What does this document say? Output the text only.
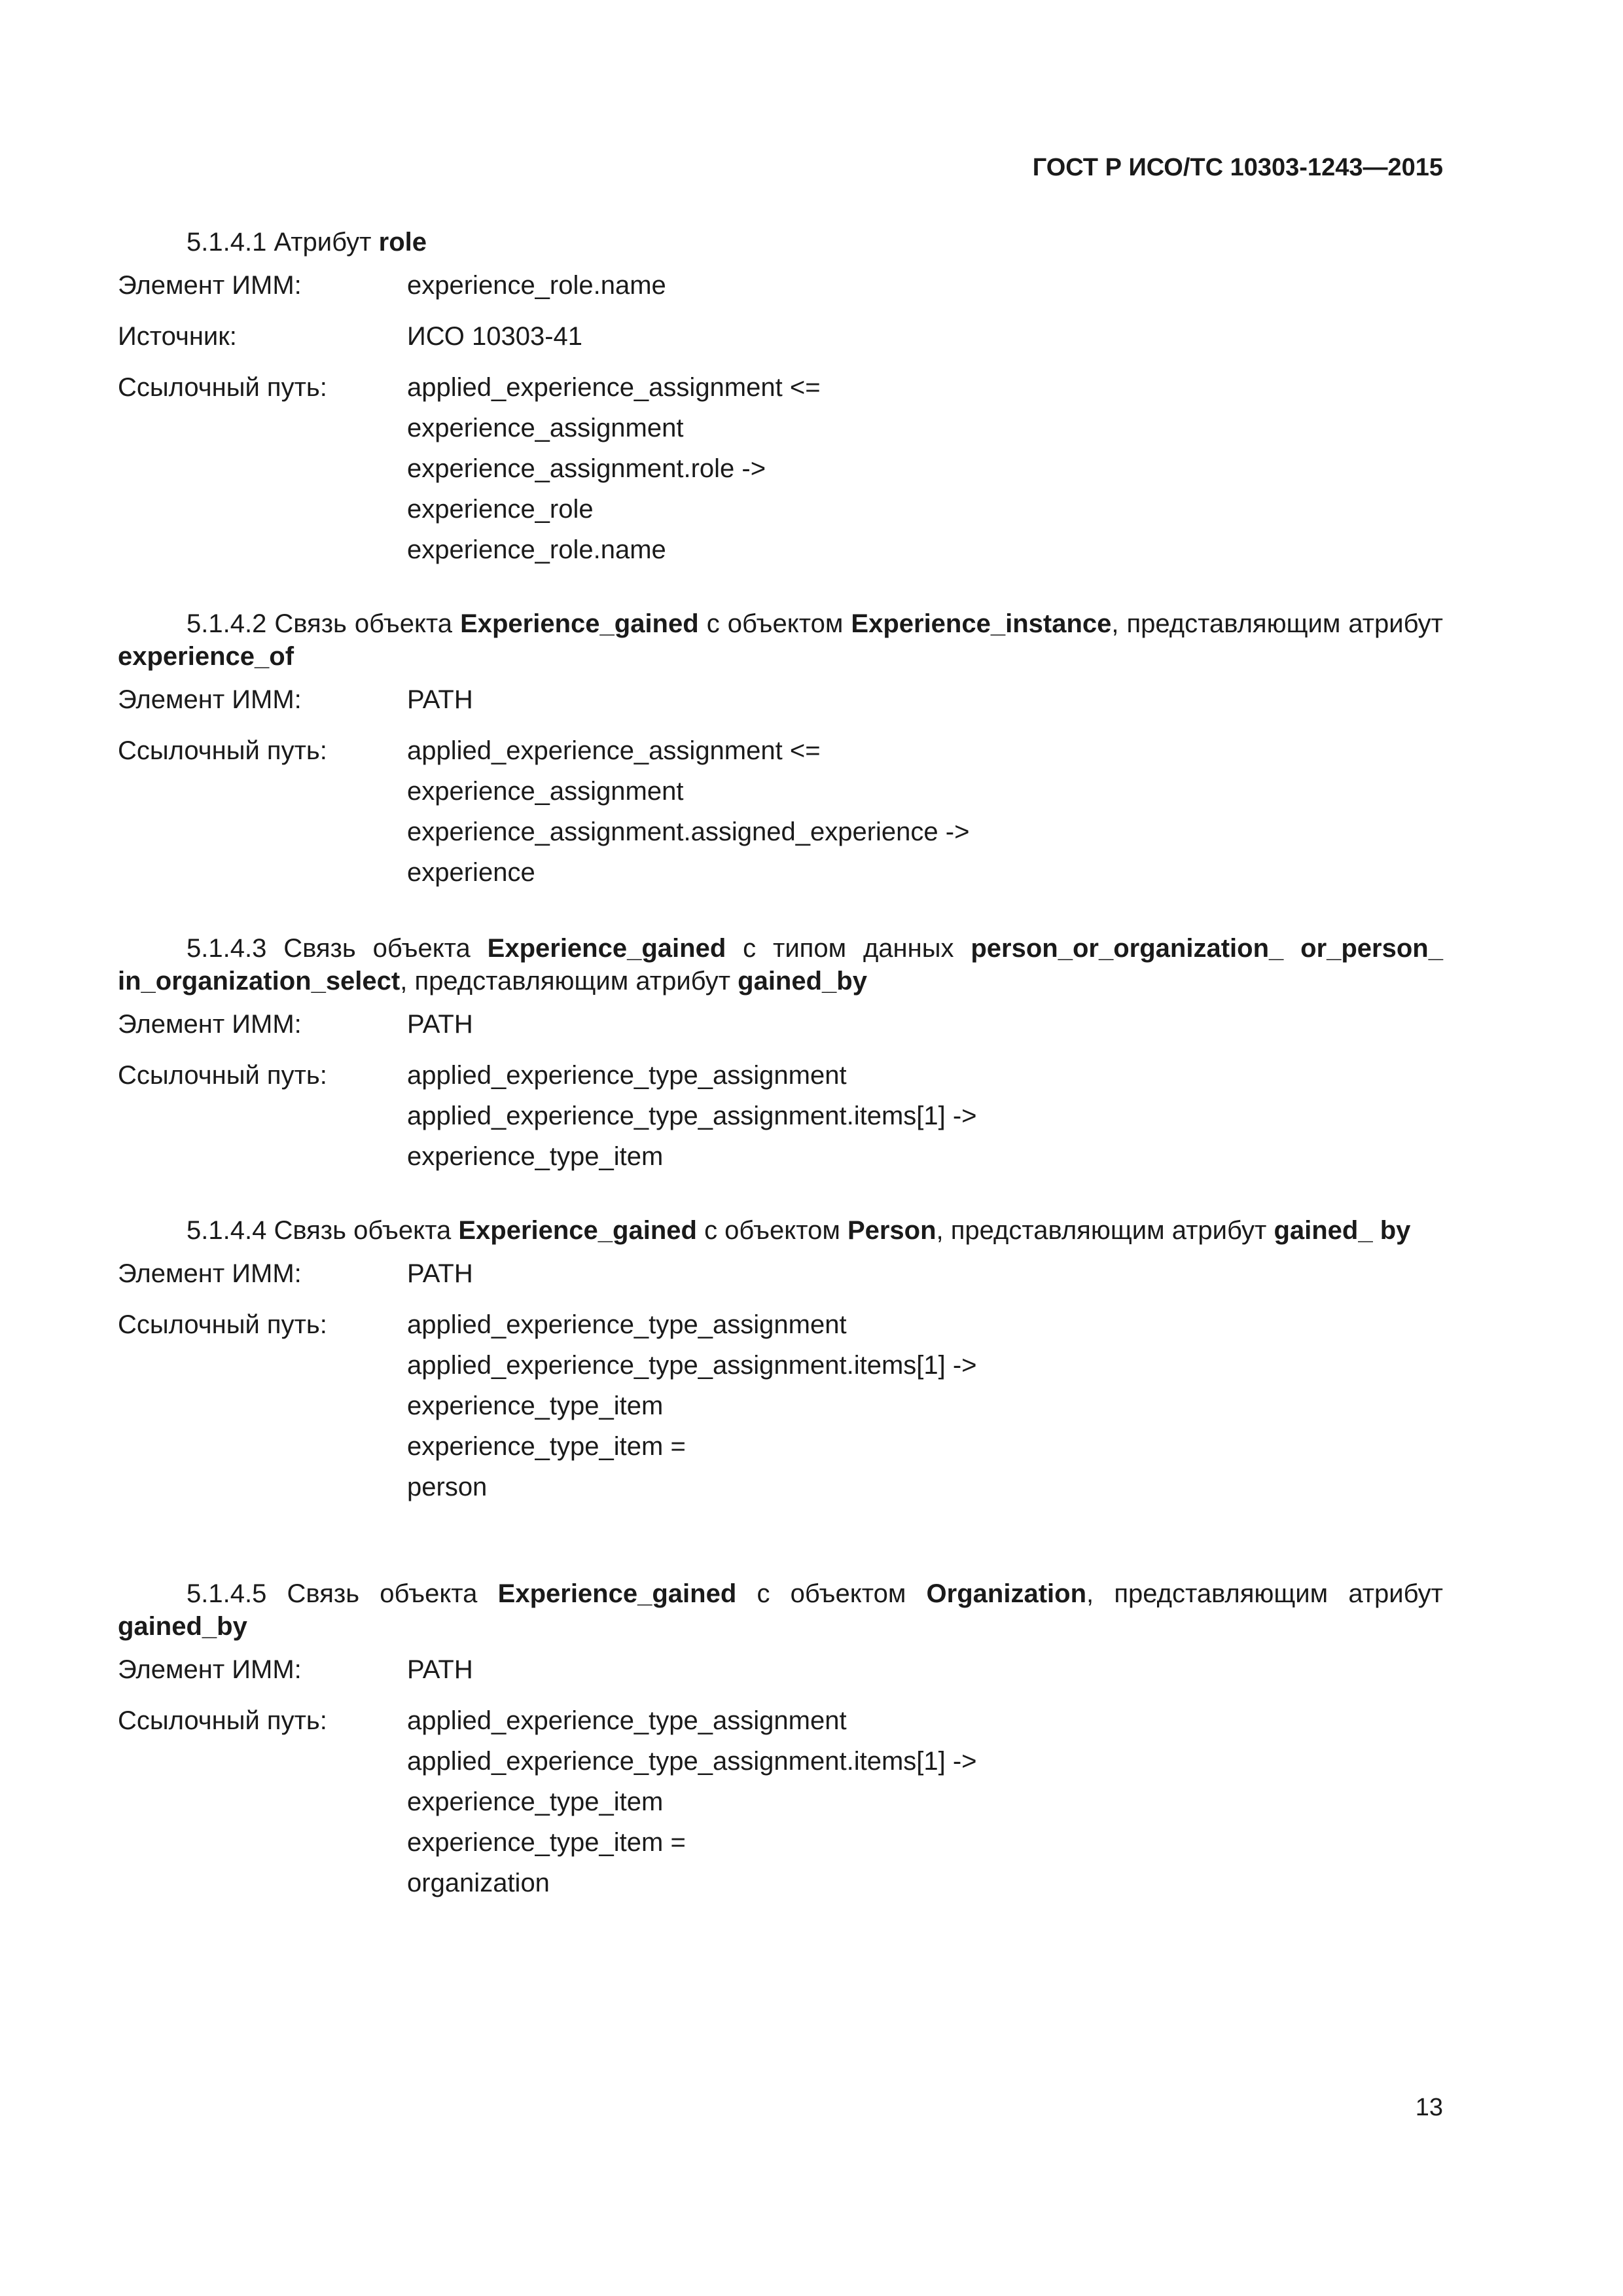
ГОСТ Р ИСО/ТС 10303-1243—2015

5.1.4.1 Атрибут role

Элемент ИММ:	experience_role.name
Источник:	ИСО 10303-41
Ссылочный путь:	applied_experience_assignment <=
experience_assignment
experience_assignment.role ->
experience_role
experience_role.name

5.1.4.2 Связь объекта Experience_gained с объектом Experience_instance, представляющим атрибут experience_of

Элемент ИММ:	PATH
Ссылочный путь:	applied_experience_assignment <=
experience_assignment
experience_assignment.assigned_experience ->
experience

5.1.4.3 Связь объекта Experience_gained с типом данных person_or_organization_ or_person_ in_organization_select, представляющим атрибут gained_by

Элемент ИММ:	PATH
Ссылочный путь:	applied_experience_type_assignment
applied_experience_type_assignment.items[1] ->
experience_type_item

5.1.4.4 Связь объекта Experience_gained с объектом Person, представляющим атрибут gained_ by

Элемент ИММ:	PATH
Ссылочный путь:	applied_experience_type_assignment
applied_experience_type_assignment.items[1] ->
experience_type_item
experience_type_item =
person

5.1.4.5 Связь объекта Experience_gained с объектом Organization, представляющим атрибут gained_by

Элемент ИММ:	PATH
Ссылочный путь:	applied_experience_type_assignment
applied_experience_type_assignment.items[1] ->
experience_type_item
experience_type_item =
organization
13
